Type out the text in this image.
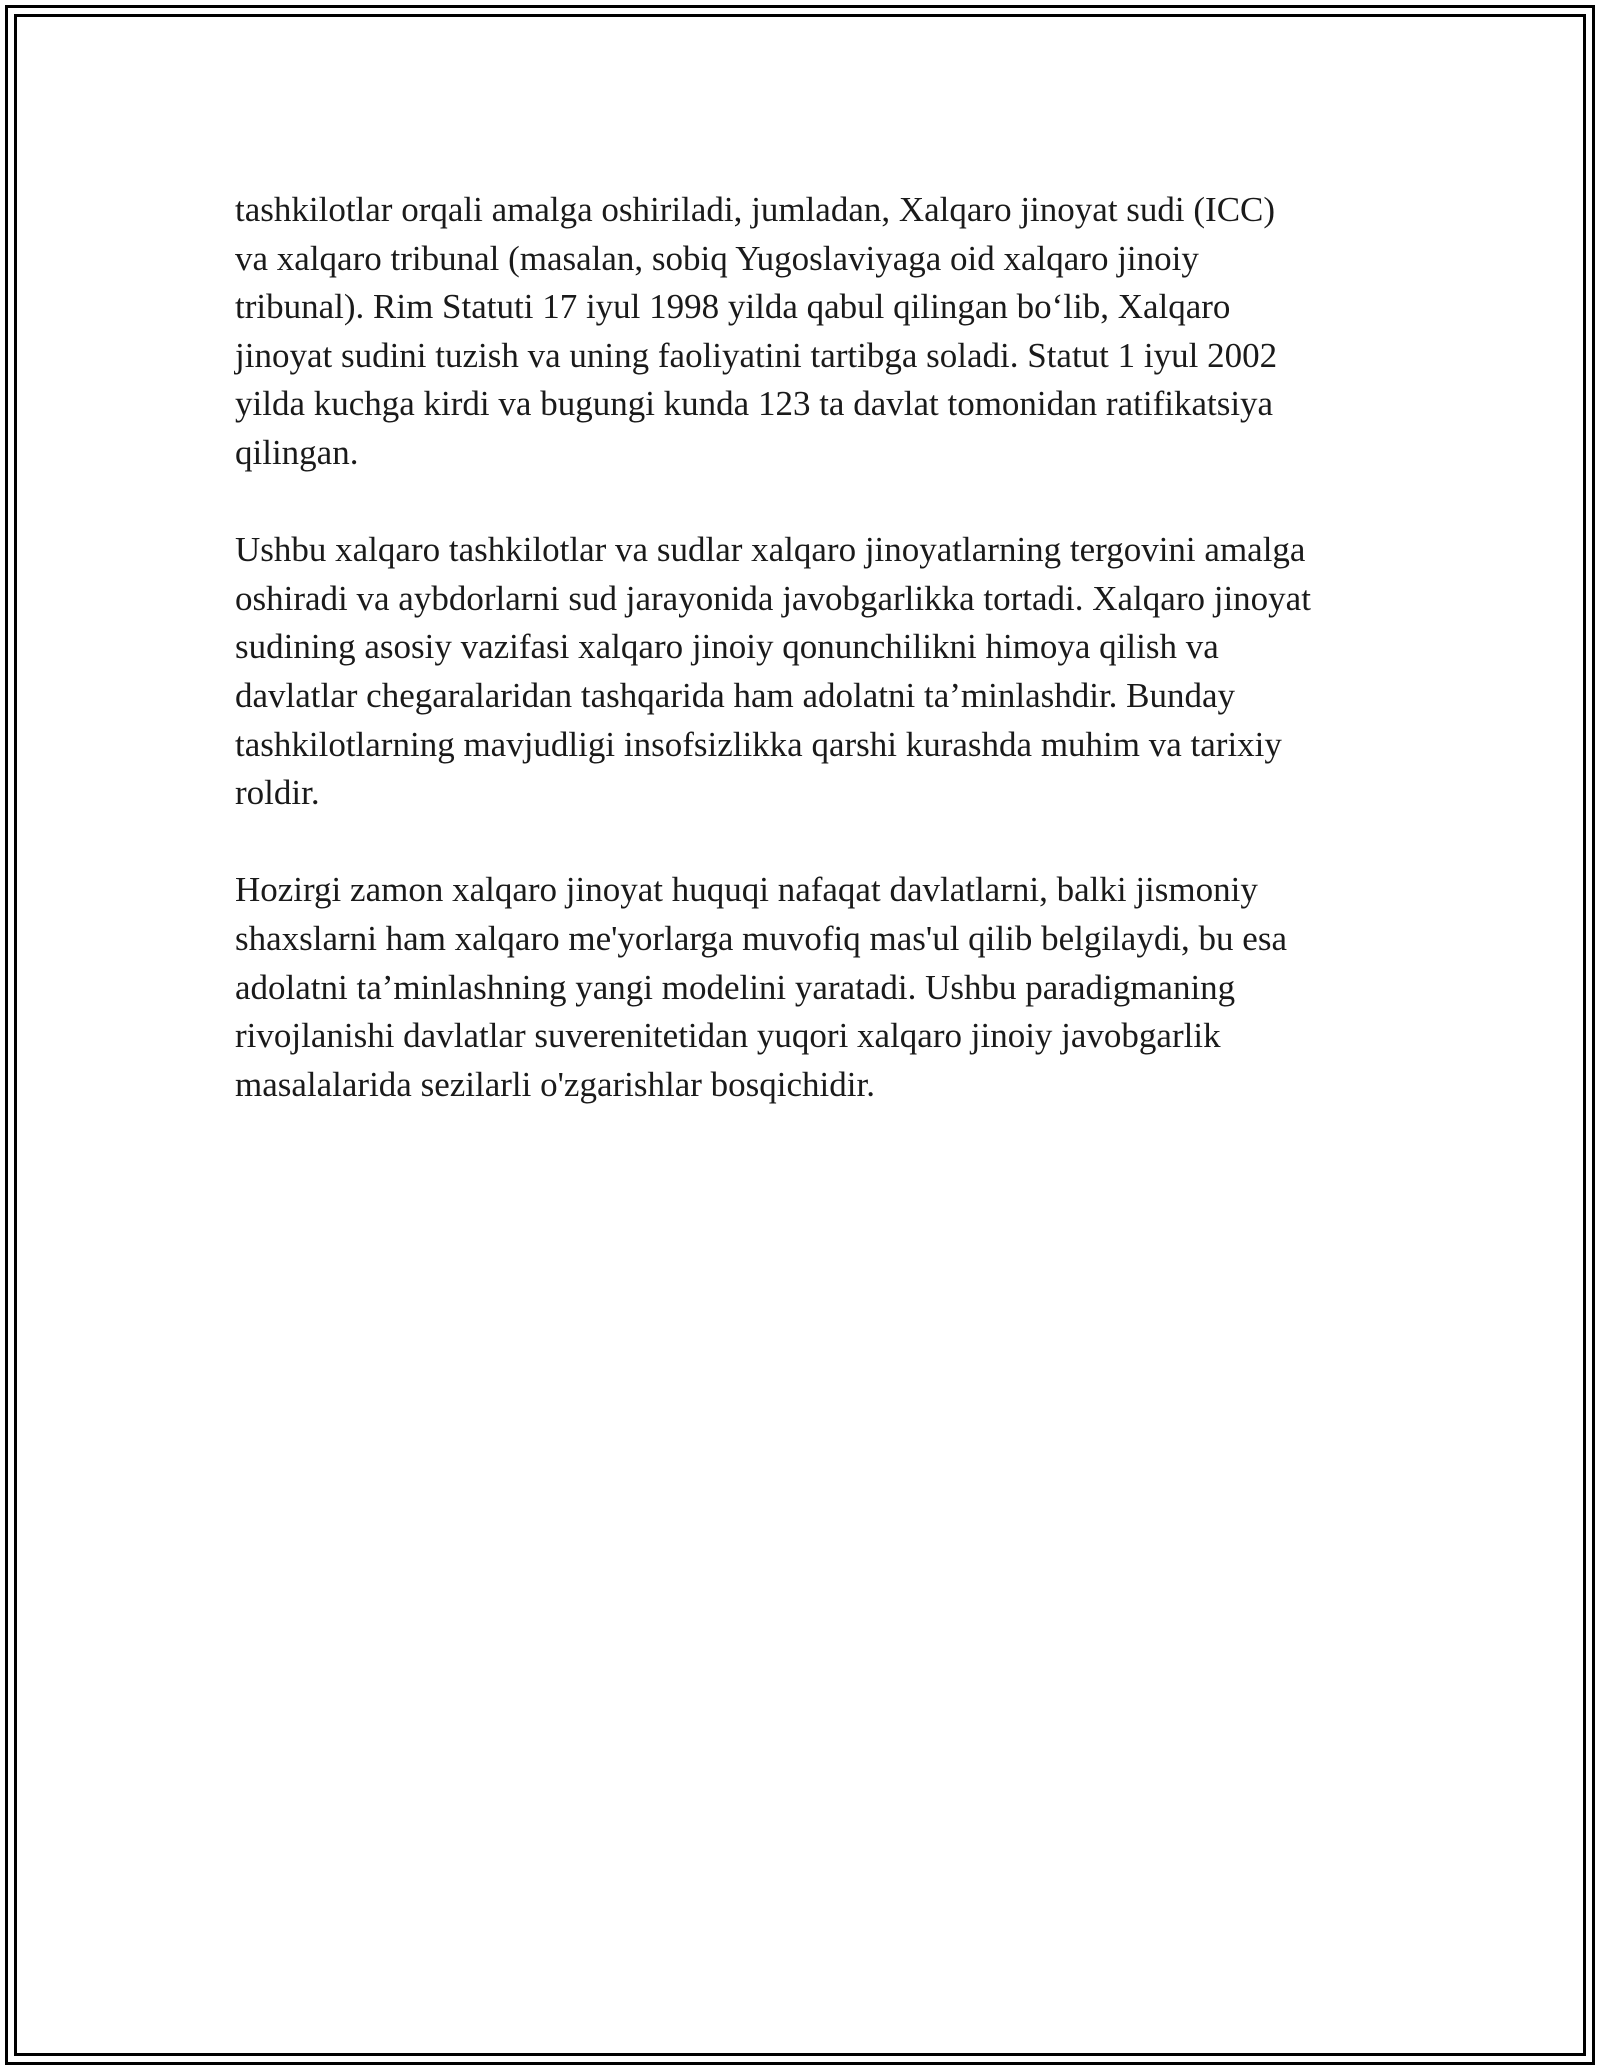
tashkilotlar orqali amalga oshiriladi, jumladan, Xalqaro jinoyat sudi (ICC)
va xalqaro tribunal (masalan, sobiq Yugoslaviyaga oid xalqaro jinoiy
tribunal). Rim Statuti 17 iyul 1998 yilda qabul qilingan bo‘lib, Xalqaro
jinoyat sudini tuzish va uning faoliyatini tartibga soladi. Statut 1 iyul 2002
yilda kuchga kirdi va bugungi kunda 123 ta davlat tomonidan ratifikatsiya
qilingan.

Ushbu xalqaro tashkilotlar va sudlar xalqaro jinoyatlarning tergovini amalga
oshiradi va aybdorlarni sud jarayonida javobgarlikka tortadi. Xalqaro jinoyat
sudining asosiy vazifasi xalqaro jinoiy qonunchilikni himoya qilish va
davlatlar chegaralaridan tashqarida ham adolatni ta’minlashdir. Bunday
tashkilotlarning mavjudligi insofsizlikka qarshi kurashda muhim va tarixiy
roldir.

Hozirgi zamon xalqaro jinoyat huquqi nafaqat davlatlarni, balki jismoniy
shaxslarni ham xalqaro me'yorlarga muvofiq mas'ul qilib belgilaydi, bu esa
adolatni ta’minlashning yangi modelini yaratadi. Ushbu paradigmaning
rivojlanishi davlatlar suverenitetidan yuqori xalqaro jinoiy javobgarlik
masalalarida sezilarli o'zgarishlar bosqichidir.
